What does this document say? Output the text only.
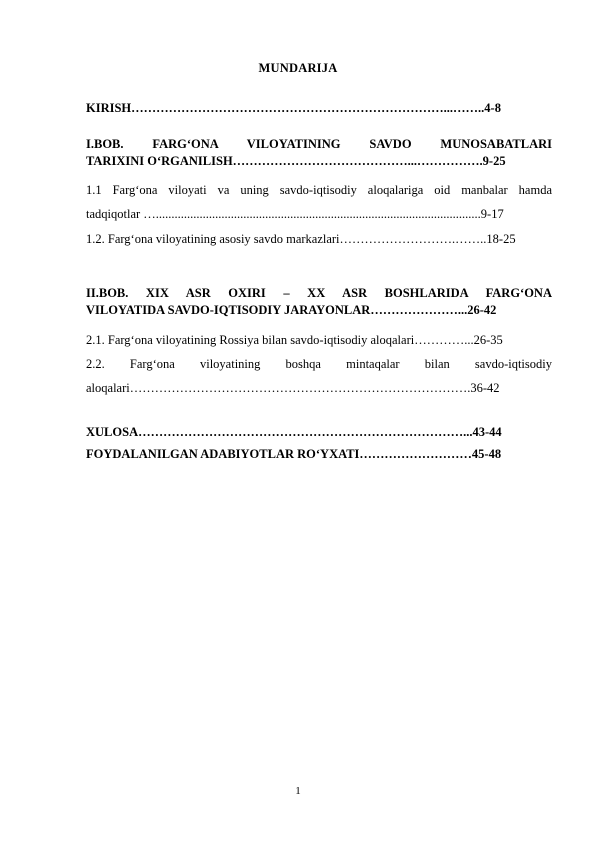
MUNDARIJA
KIRISH…………………………………………………………………...……..4-8
I.BOB. FARG‘ONA VILOYATINING SAVDO MUNOSABATLARI
TARIXINI O‘RGANILISH……………………………………...…………….9-25
1.1 Farg‘ona viloyati va uning savdo-iqtisodiy aloqalariga oid manbalar hamda
tadqiqotlar …........................................................................................................9-17
1.2. Farg‘ona viloyatining asosiy savdo markazlari……………………….……..18-25
II.BOB. XIX ASR OXIRI – XX ASR BOSHLARIDA FARG‘ONA
VILOYATIDA SAVDO-IQTISODIY JARAYONLAR…………………...26-42
2.1. Farg‘ona viloyatining Rossiya bilan savdo-iqtisodiy aloqalari…………...26-35
2.2. Farg‘ona viloyatining boshqa mintaqalar bilan savdo-iqtisodiy
aloqalari……………………………………………………………………….36-42
XULOSA……………………………………………………………………...43-44
FOYDALANILGAN ADABIYOTLAR RO‘YXATI………………………45-48
1
